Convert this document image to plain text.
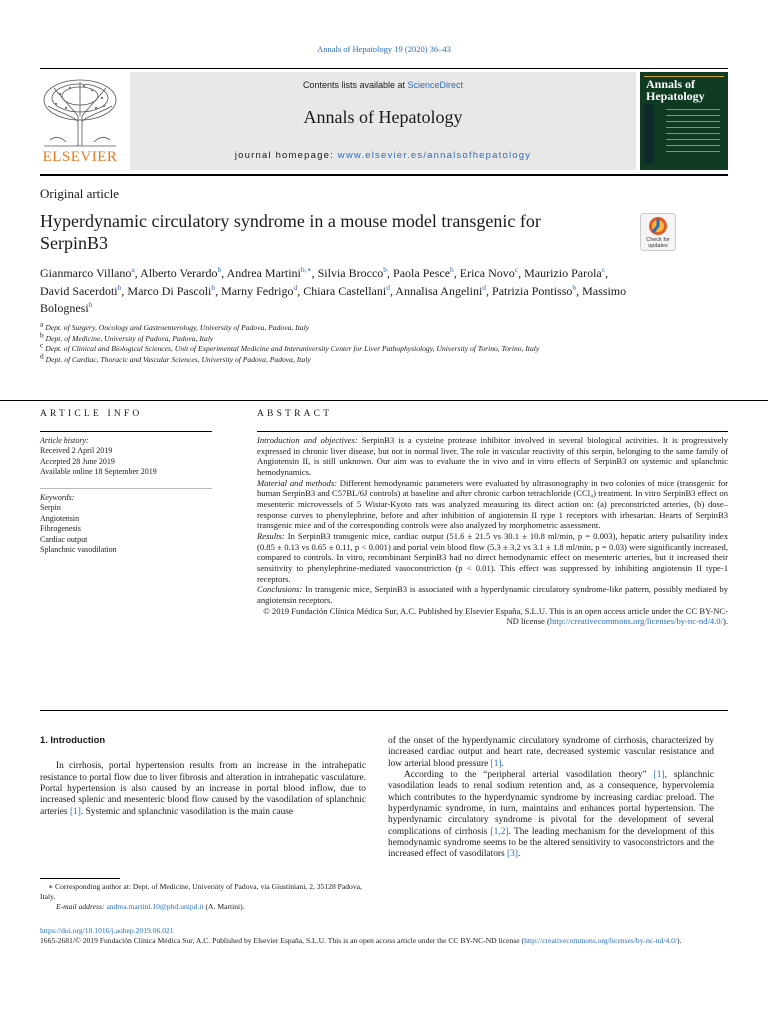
Annals of Hepatology 19 (2020) 36–43
ELSEVIER
Contents lists available at ScienceDirect
Annals of Hepatology
journal homepage: www.elsevier.es/annalsofhepatology
Annals of Hepatology
Original article
Hyperdynamic circulatory syndrome in a mouse model transgenic for SerpinB3	Check for updates
Gianmarco Villano$^a$, Alberto Verardo$^b$, Andrea Martini$^{b,∗}$, Silvia Brocco$^b$, Paola Pesce$^b$, Erica Novo$^c$, Maurizio Parola$^c$, David Sacerdoti$^b$, Marco Di Pascoli$^b$, Marny Fedrigo$^d$, Chiara Castellani$^d$, Annalisa Angelini$^d$, Patrizia Pontisso$^b$, Massimo Bolognesi$^b$
$^a$ Dept. of Surgery, Oncology and Gastroenterology, University of Padova, Padova, Italy
$^b$ Dept. of Medicine, University of Padova, Padova, Italy
$^c$ Dept. of Clinical and Biological Sciences, Unit of Experimental Medicine and Interuniversity Center for Liver Pathophysiology, University of Torino, Torino, Italy
$^d$ Dept. of Cardiac, Thoracic and Vascular Sciences, University of Padova, Padova, Italy
ARTICLE INFO	ABSTRACT
Article history:
Received 2 April 2019
Accepted 28 June 2019
Available online 18 September 2019
Keywords:
Serpin
Angiotensin
Fibrogenesis
Cardiac output
Splanchnic vasodilation

Introduction and objectives: SerpinB3 is a cysteine protease inhibitor involved in several biological activities. It is progressively expressed in chronic liver disease, but not in normal liver. The role in vascular reactivity of this serpin, belonging to the same family of Angiotensin II, is still unknown. Our aim was to evaluate the in vivo and in vitro effects of SerpinB3 on systemic and splanchnic hemodynamics.

Material and methods: Different hemodynamic parameters were evaluated by ultrasonography in two colonies of mice (transgenic for human SerpinB3 and C57BL/6J controls) at baseline and after chronic carbon tetrachloride (CCl₄) treatment. In vitro SerpinB3 effect on mesenteric microvessels of 5 Wistar-Kyoto rats was analyzed measuring its direct action on: (a) preconstricted arteries, (b) dose–response curves to phenylephrine, before and after inhibition of angiotensin II type 1 receptors with irbesartan. Hearts of SerpinB3 transgenic mice and of the corresponding controls were also analyzed by morphometric assessment.

Results: In SerpinB3 transgenic mice, cardiac output (51.6 ± 21.5 vs 30.1 ± 10.8 ml/min, p = 0.003), hepatic artery pulsatility index (0.85 ± 0.13 vs 0.65 ± 0.11, p < 0.001) and portal vein blood flow (5.3 ± 3.2 vs 3.1 ± 1.8 ml/min, p = 0.03) were significantly increased, compared to controls. In vitro, recombinant SerpinB3 had no direct hemodynamic effect on mesenteric arteries, but it increased their sensitivity to phenylephrine-mediated vasoconstriction (p < 0.01). This effect was suppressed by inhibiting angiotensin II type-1 receptors.

Conclusions: In transgenic mice, SerpinB3 is associated with a hyperdynamic circulatory syndrome-like pattern, possibly mediated by angiotensin receptors.

© 2019 Fundación Clínica Médica Sur, A.C. Published by Elsevier España, S.L.U. This is an open access article under the CC BY-NC-ND license (http://creativecommons.org/licenses/by-nc-nd/4.0/).

1. Introduction

In cirrhosis, portal hypertension results from an increase in the intrahepatic resistance to portal flow due to liver fibrosis and alteration in intrahepatic vasculature. Portal hypertension is also caused by an increase in portal blood inflow, due to increased splenic and mesenteric blood flow caused by the vasodilation of splanchnic arteries [1]. Systemic and splanchnic vasodilation is the main cause

of the onset of the hyperdynamic circulatory syndrome of cirrhosis, characterized by increased cardiac output and heart rate, decreased systemic vascular resistance and low arterial blood pressure [1].

According to the “peripheral arterial vasodilation theory” [1], splanchnic vasodilation leads to renal sodium retention and, as a consequence, hypervolemia which contributes to the hyperdynamic syndrome by increasing cardiac preload. The hyperdynamic syndrome, in turn, maintains and enhances portal hypertension. The hyperdynamic circulatory syndrome is pivotal for the development of several complications of cirrhosis [1,2]. The leading mechanism for the development of this hemodynamic syndrome seems to be the altered sensitivity to vasoconstrictors and the increased effect of vasodilators [3].

∗ Corresponding author at: Dept. of Medicine, University of Padova, via Giustiniani, 2, 35128 Padova, Italy.
E-mail address: andrea.martini.10@phd.unipd.it (A. Martini).
https://doi.org/10.1016/j.aohep.2019.06.021
1665-2681/© 2019 Fundación Clínica Médica Sur, A.C. Published by Elsevier España, S.L.U. This is an open access article under the CC BY-NC-ND license (http://creativecommons.org/licenses/by-nc-nd/4.0/).
